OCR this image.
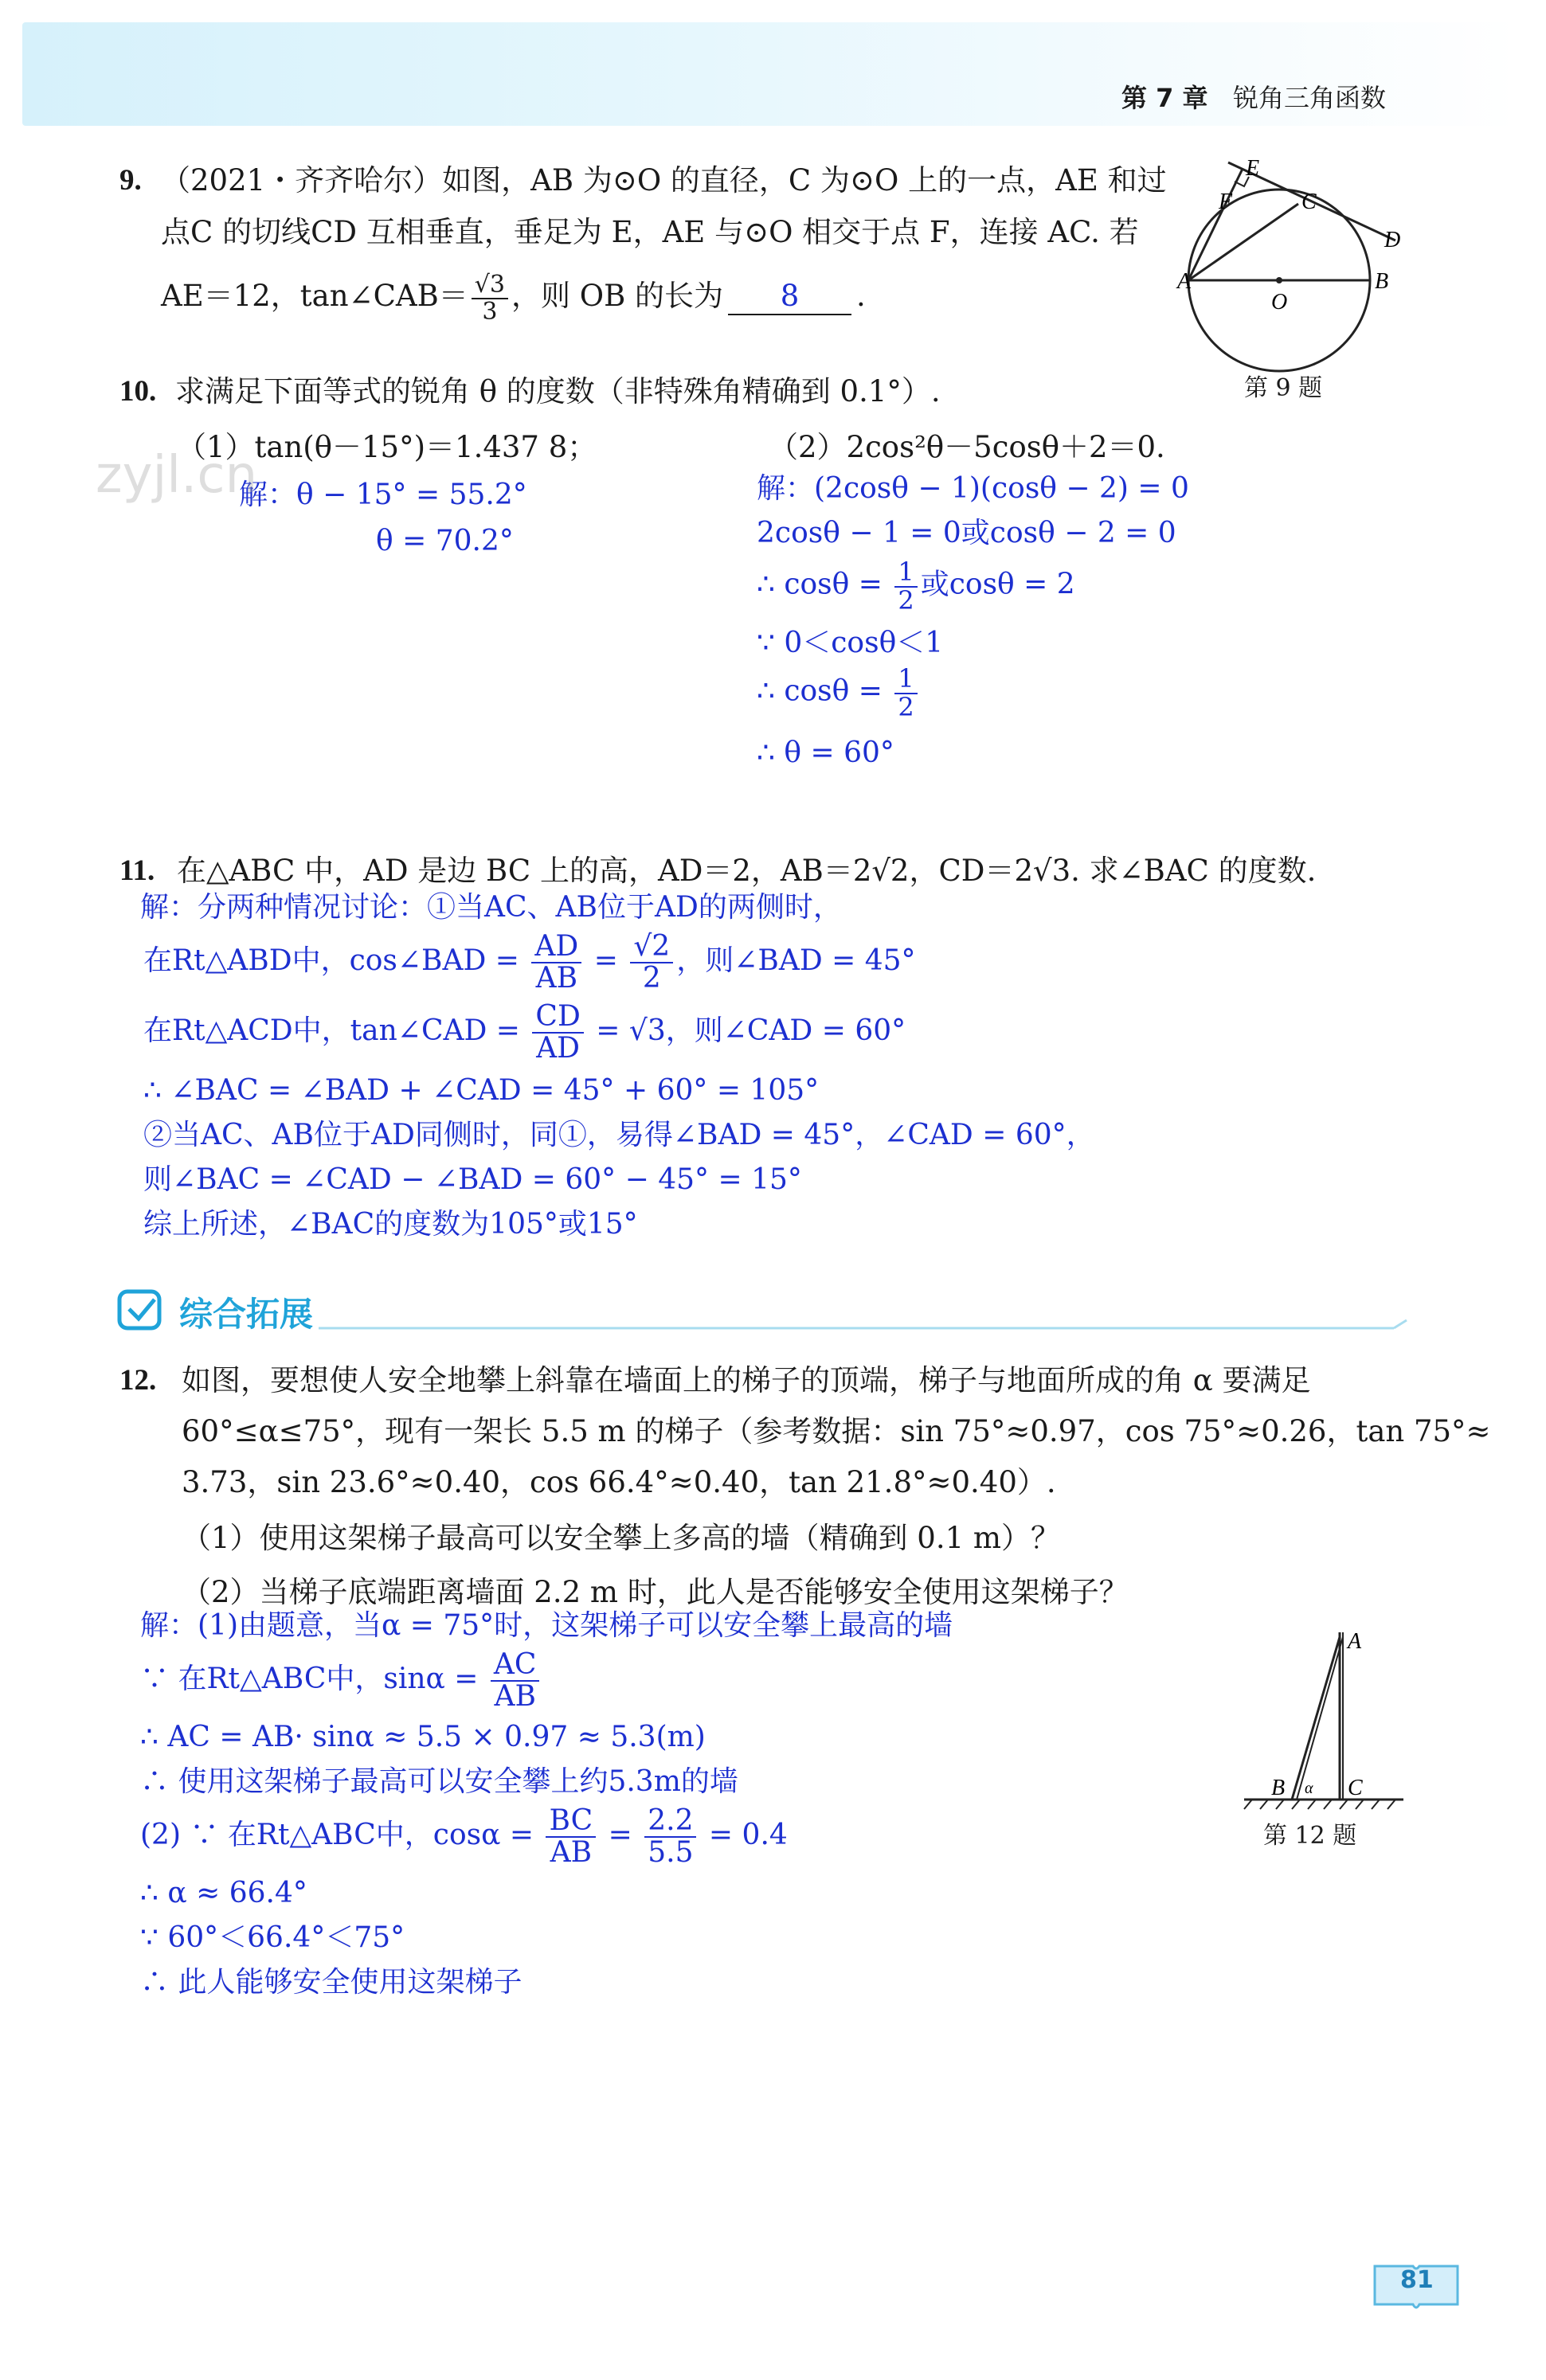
第 7 章 锐角三角函数
9. （2021・齐齐哈尔）如图，AB 为⊙O 的直径，C 为⊙O 上的一点，AE 和过
点C 的切线CD 互相垂直，垂足为 E，AE 与⊙O 相交于点 F，连接 AC. 若
AE＝12，tan∠CAB＝ $\frac{√3}{3}$ ，则 OB 的长为 8 .
E
F	C
D
A
O
B
第 9 题
10. 求满足下面等式的锐角 θ 的度数（非特殊角精确到 0.1°）.
（1）tan(θ－15°)＝1.437 8；
解：θ − 15° = 55.2°
θ = 70.2°
（2）2cos²θ－5cosθ＋2＝0.
解：(2cosθ − 1)(cosθ − 2) = 0
2cosθ − 1 = 0或cosθ − 2 = 0
∴ $\cos\theta = \frac{1}{2}$ 或cosθ = 2
∵ 0＜cosθ＜1
∴ $\cos\theta = \frac{1}{2}$
∴ θ = 60°
11. 在△ABC 中，AD 是边 BC 上的高，AD＝2，AB＝2√2，CD＝2√3. 求∠BAC 的度数.
解：分两种情况讨论：①当AC、AB位于AD的两侧时，
在Rt△ABD中，cos∠BAD = $\frac{AD}{AB} = \frac{√2}{2}$ ，则∠BAD = 45°
在Rt△ACD中，tan∠CAD = $\frac{CD}{AD} = √3$，则∠CAD = 60°
∴ ∠BAC = ∠BAD + ∠CAD = 45° + 60° = 105°
②当AC、AB位于AD同侧时，同①，易得∠BAD = 45°，∠CAD = 60°，
则∠BAC = ∠CAD − ∠BAD = 60° − 45° = 15°
综上所述，∠BAC的度数为105°或15°
综合拓展
12. 如图，要想使人安全地攀上斜靠在墙面上的梯子的顶端，梯子与地面所成的角 α 要满足
60°≤α≤75°，现有一架长 5.5 m 的梯子（参考数据：sin 75°≈0.97，cos 75°≈0.26，tan 75°≈
3.73，sin 23.6°≈0.40，cos 66.4°≈0.40，tan 21.8°≈0.40）.
（1）使用这架梯子最高可以安全攀上多高的墙（精确到 0.1 m）？
（2）当梯子底端距离墙面 2.2 m 时，此人是否能够安全使用这架梯子？
解：(1)由题意，当α = 75°时，这架梯子可以安全攀上最高的墙
∵ 在Rt△ABC中，$\sin\alpha = \frac{AC}{AB}$
∴ AC = AB· sinα ≈ 5.5 × 0.97 ≈ 5.3(m)
∴ 使用这架梯子最高可以安全攀上约5.3m的墙
(2) ∵ 在Rt△ABC中，$\cos\alpha = \frac{BC}{AB} = \frac{2.2}{5.5} = 0.4$
∴ α ≈ 66.4°
∵ 60°＜66.4°＜75°
∴ 此人能够安全使用这架梯子
A
B α C
第 12 题
81
zyjl.cn
